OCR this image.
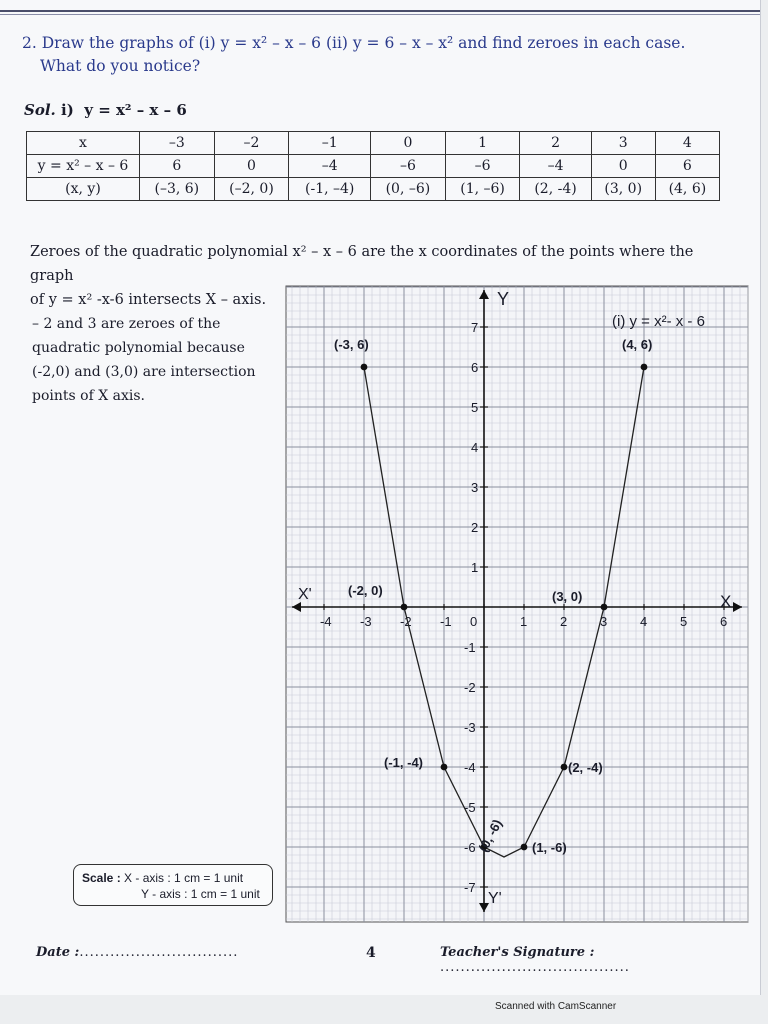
2. Draw the graphs of (i) y = x² – x – 6 (ii) y = 6 – x – x² and find zeroes in each case.
What do you notice?
Sol. i) y = x² – x – 6
x	–3	–2	–1	0	1	2	3	4
y = x² – x – 6	6	0	–4	–6	–6	–4	0	6
(x, y)	(–3, 6)	(–2, 0)	(-1, –4)	(0, –6)	(1, –6)	(2, -4)	(3, 0)	(4, 6)
Zeroes of the quadratic polynomial x² – x – 6 are the x coordinates of the points where the graph
of y = x² -x-6 intersects X – axis.
– 2 and 3 are zeroes of the
quadratic polynomial because
(-2,0) and (3,0) are intersection
points of X axis.
-4 -3 -2 -1 0	1	2	3	4	5	6
7
6
5
4
3
2
1
-1
-2
-3
-4
-5
-6
-7
(-3, 6)
(-2, 0)
(-1, -4)
(0, -6) (1, -6)
(2, -4)
(3, 0)
(4, 6)
(i) y = x²- x - 6
X
X'
Y
Y'
Scale : X - axis : 1 cm = 1 unit
Y - axis : 1 cm = 1 unit
Date :...............................	4	Teacher's Signature : .....................................
Scanned with CamScanner
